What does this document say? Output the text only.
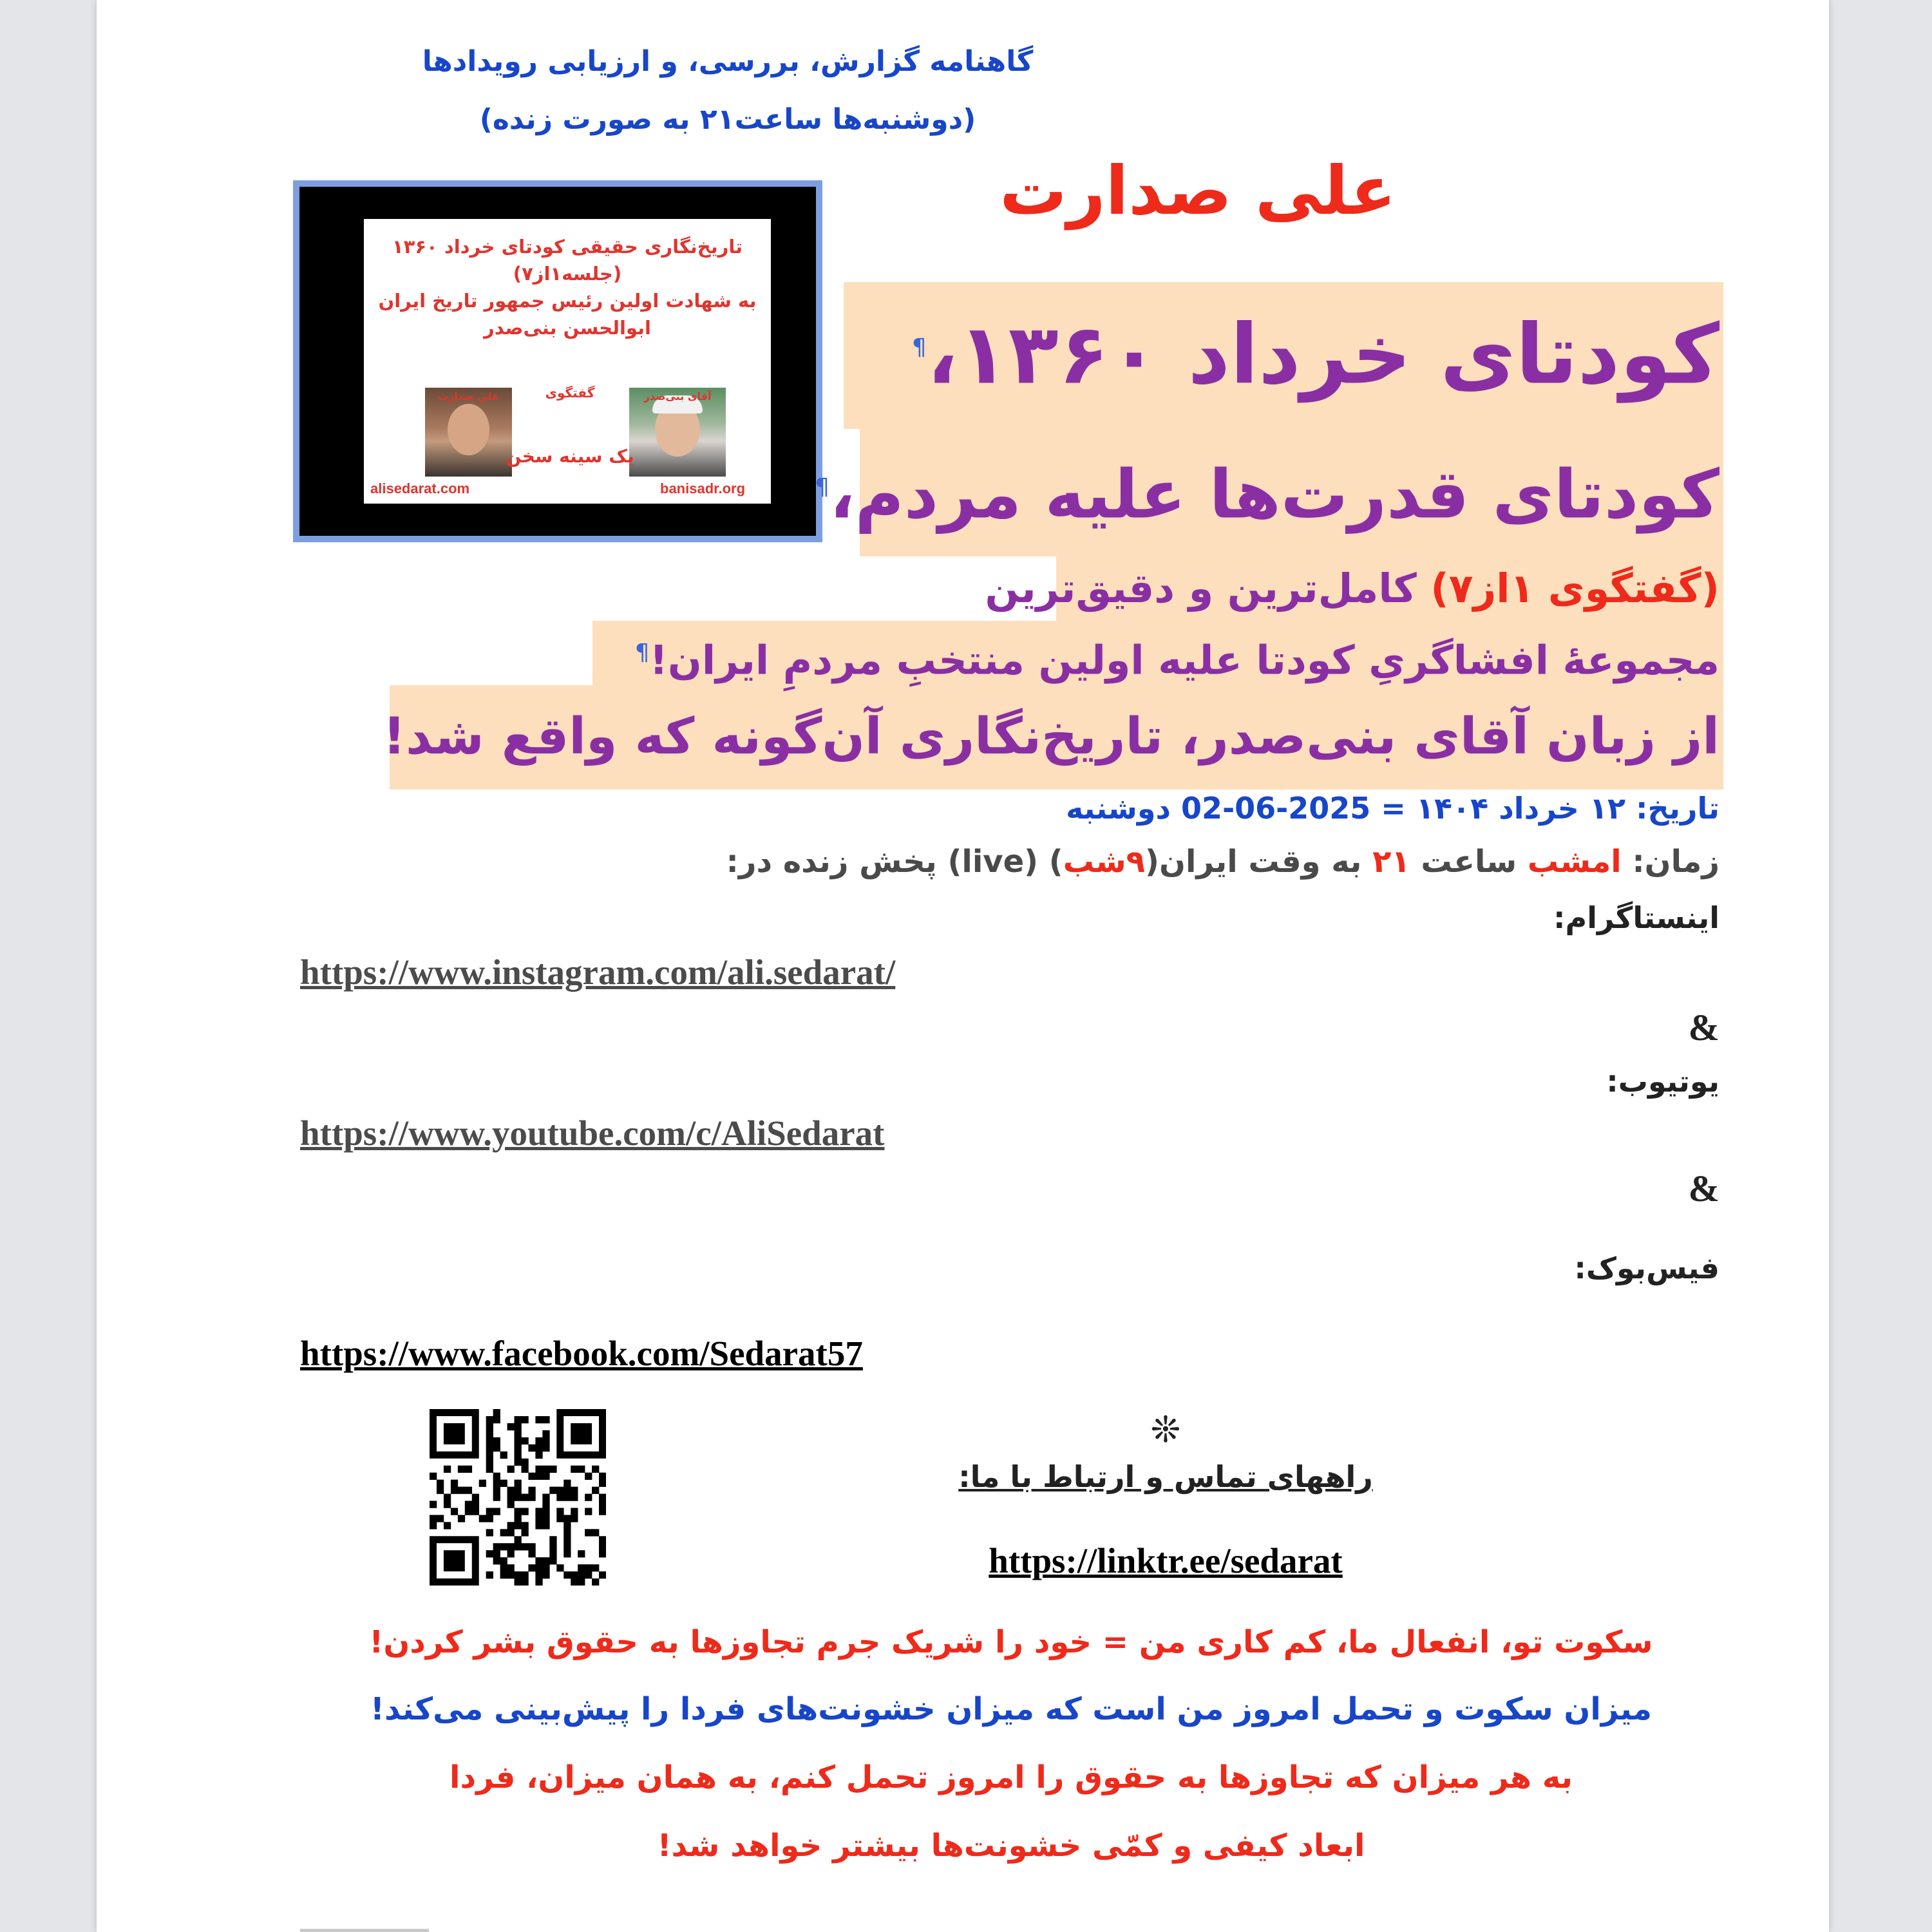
گاهنامه گزارش، بررسی، و ارزیابی رویدادها
(دوشنبه‌ها ساعت۲۱ به صورت زنده)
علی صدارت
تاریخ‌نگاری حقیقی کودتای خرداد ۱۳۶۰
(جلسه۱از۷)
به شهادت اولین رئیس جمهور تاریخ ایران
ابوالحسن بنی‌صدر
گفتگوی
علی صدارت	آقای بنی‌صدر
یک سینه سخن
alisedarat.com	banisadr.org
کودتای خرداد ۱۳۶۰،¶
کودتای قدرت‌ها علیه مردم،¶
(گفتگوی ۱از۷) کامل‌ترین و دقیق‌ترین
مجموعهٔ افشاگریِ کودتا علیه اولین منتخبِ مردمِ ایران!¶
از زبان آقای بنی‌صدر، تاریخ‌نگاری آن‌گونه که واقع شد!
تاریخ: ۱۲ خرداد ۱۴۰۴ = 2025-06-02 دوشنبه
زمان: امشب ساعت ۲۱ به وقت ایران(۹شب) (live) پخش زنده در:
اینستاگرام:
https://www.instagram.com/ali.sedarat/
&
یوتیوب:
https://www.youtube.com/c/AliSedarat
&
فیس‌بوک:
https://www.facebook.com/Sedarat57
❊
راههای تماس و ارتباط با ما:
https://linktr.ee/sedarat
سکوت تو، انفعال ما، کم کاری من = خود را شریک جرم تجاوزها به حقوق بشر کردن!
میزان سکوت و تحمل امروز من است که میزان خشونت‌های فردا را پیش‌بینی می‌کند!
به هر میزان که تجاوزها به حقوق را امروز تحمل کنم، به همان میزان، فردا
ابعاد کیفی و کمّی خشونت‌ها بیشتر خواهد شد!
